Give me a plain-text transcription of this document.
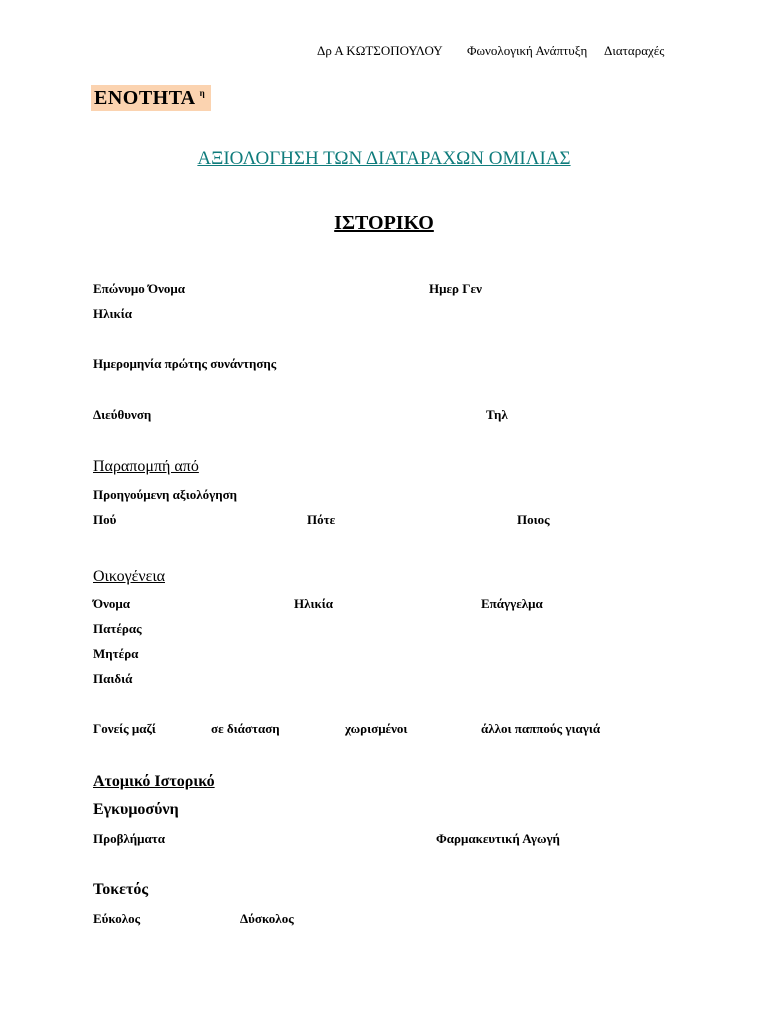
Δρ Α ΚΩΤΣΟΠΟΥΛΟΥ Φωνολογική Ανάπτυξη Διαταραχές
ΕΝΟΤΗΤΑ $^\eta$
ΑΞΙΟΛΟΓΗΣΗ ΤΩΝ ΔΙΑΤΑΡΑΧΩΝ ΟΜΙΛΙΑΣ
ΙΣΤΟΡΙΚΟ
Επώνυμο Όνομα	Ημερ Γεν
Ηλικία
Ημερομηνία πρώτης συνάντησης
Διεύθυνση	Τηλ
Παραπομπή από
Προηγούμενη αξιολόγηση
Πού	Πότε	Ποιος
Οικογένεια
Όνομα	Ηλικία	Επάγγελμα
Πατέρας
Μητέρα
Παιδιά
Γονείς μαζί	σε διάσταση	χωρισμένοι	άλλοι παππούς γιαγιά
Ατομικό Ιστορικό
Εγκυμοσύνη
Προβλήματα	Φαρμακευτική Αγωγή
Τοκετός
Εύκολος	Δύσκολος
